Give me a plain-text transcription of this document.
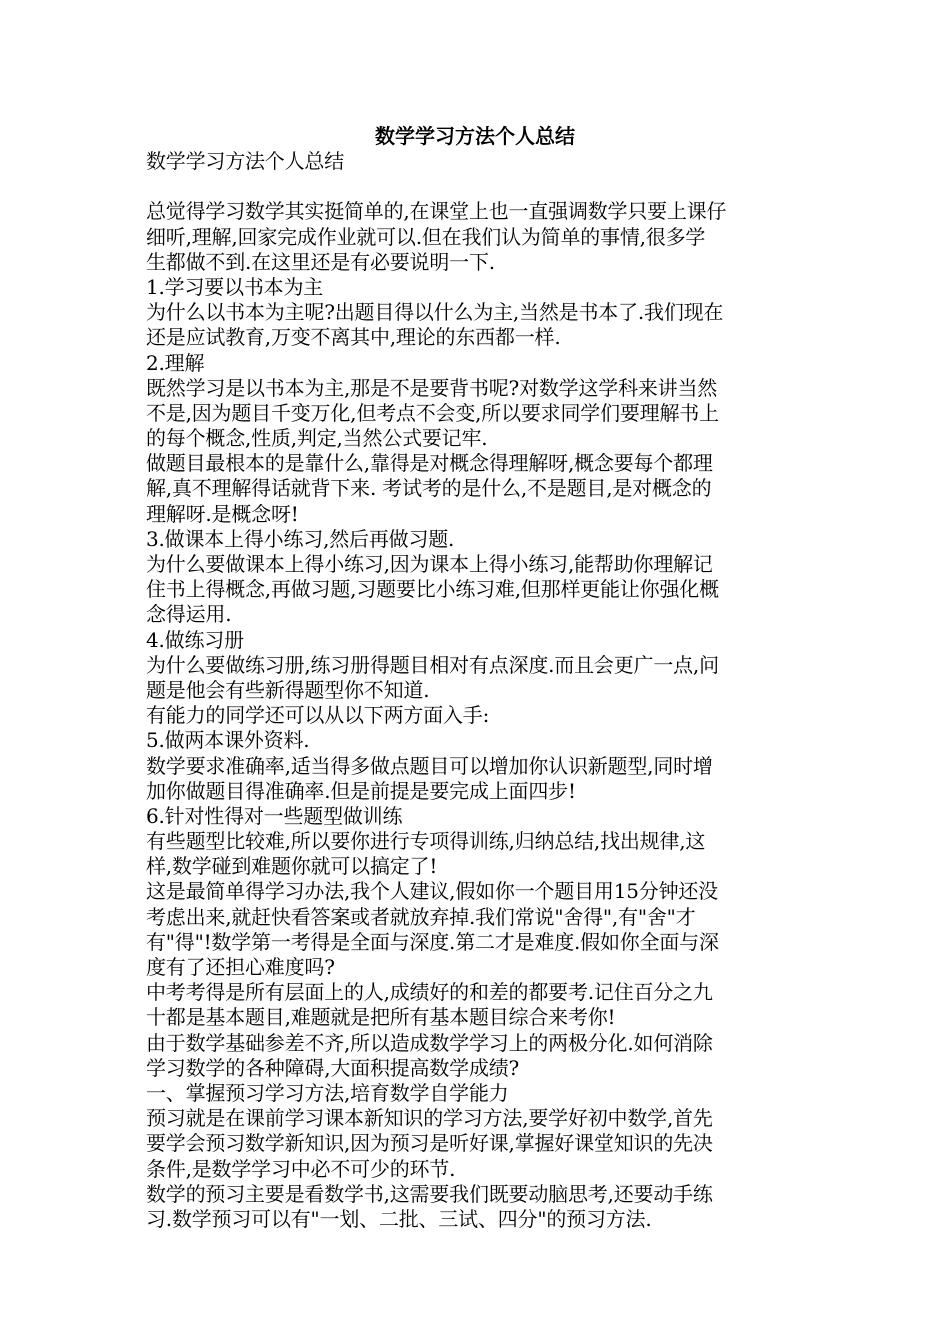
数学学习方法个人总结
数学学习方法个人总结
总觉得学习数学其实挺简单的,在课堂上也一直强调数学只要上课仔
细听,理解,回家完成作业就可以.但在我们认为简单的事情,很多学
生都做不到.在这里还是有必要说明一下.
1.学习要以书本为主
为什么以书本为主呢?出题目得以什么为主,当然是书本了.我们现在
还是应试教育,万变不离其中,理论的东西都一样.
2.理解
既然学习是以书本为主,那是不是要背书呢?对数学这学科来讲当然
不是,因为题目千变万化,但考点不会变,所以要求同学们要理解书上
的每个概念,性质,判定,当然公式要记牢.
做题目最根本的是靠什么,靠得是对概念得理解呀,概念要每个都理
解,真不理解得话就背下来. 考试考的是什么,不是题目,是对概念的
理解呀.是概念呀!
3.做课本上得小练习,然后再做习题.
为什么要做课本上得小练习,因为课本上得小练习,能帮助你理解记
住书上得概念,再做习题,习题要比小练习难,但那样更能让你强化概
念得运用.
4.做练习册
为什么要做练习册,练习册得题目相对有点深度.而且会更广一点,问
题是他会有些新得题型你不知道.
有能力的同学还可以从以下两方面入手:
5.做两本课外资料.
数学要求准确率,适当得多做点题目可以增加你认识新题型,同时增
加你做题目得准确率.但是前提是要完成上面四步!
6.针对性得对一些题型做训练
有些题型比较难,所以要你进行专项得训练,归纳总结,找出规律,这
样,数学碰到难题你就可以搞定了!
这是最简单得学习办法,我个人建议,假如你一个题目用15分钟还没
考虑出来,就赶快看答案或者就放弃掉.我们常说"舍得",有"舍"才
有"得"!数学第一考得是全面与深度.第二才是难度.假如你全面与深
度有了还担心难度吗?
中考考得是所有层面上的人,成绩好的和差的都要考.记住百分之九
十都是基本题目,难题就是把所有基本题目综合来考你!
由于数学基础参差不齐,所以造成数学学习上的两极分化.如何消除
学习数学的各种障碍,大面积提高数学成绩?
一、掌握预习学习方法,培育数学自学能力
预习就是在课前学习课本新知识的学习方法,要学好初中数学,首先
要学会预习数学新知识,因为预习是听好课,掌握好课堂知识的先决
条件,是数学学习中必不可少的环节.
数学的预习主要是看数学书,这需要我们既要动脑思考,还要动手练
习.数学预习可以有"一划、二批、三试、四分"的预习方法.
